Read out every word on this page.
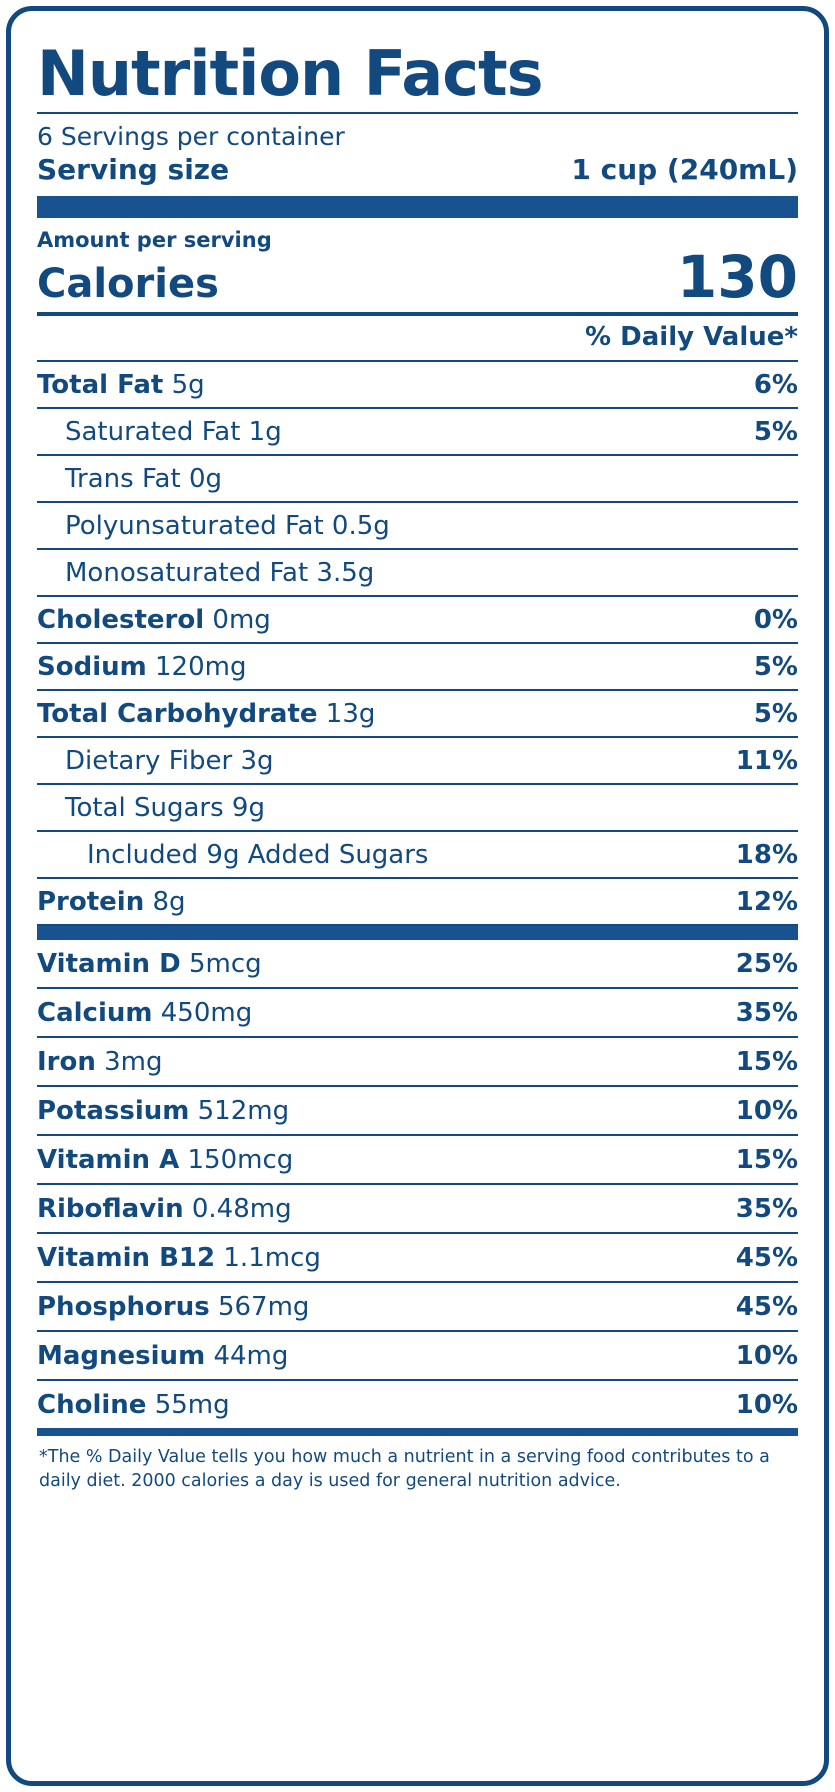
Nutrition Facts
6 Servings per container
Serving size	1 cup (240mL)
Amount per serving
Calories	130
% Daily Value*
Total Fat 5g	6%
Saturated Fat 1g	5%
Trans Fat 0g
Polyunsaturated Fat 0.5g
Monosaturated Fat 3.5g
Cholesterol 0mg	0%
Sodium 120mg	5%
Total Carbohydrate 13g	5%
Dietary Fiber 3g	11%
Total Sugars 9g
Included 9g Added Sugars	18%
Protein 8g	12%
Vitamin D 5mcg	25%
Calcium 450mg	35%
Iron 3mg	15%
Potassium 512mg	10%
Vitamin A 150mcg	15%
Riboflavin 0.48mg	35%
Vitamin B12 1.1mcg	45%
Phosphorus 567mg	45%
Magnesium 44mg	10%
Choline 55mg	10%
*The % Daily Value tells you how much a nutrient in a serving food contributes to a daily diet. 2000 calories a day is used for general nutrition advice.
